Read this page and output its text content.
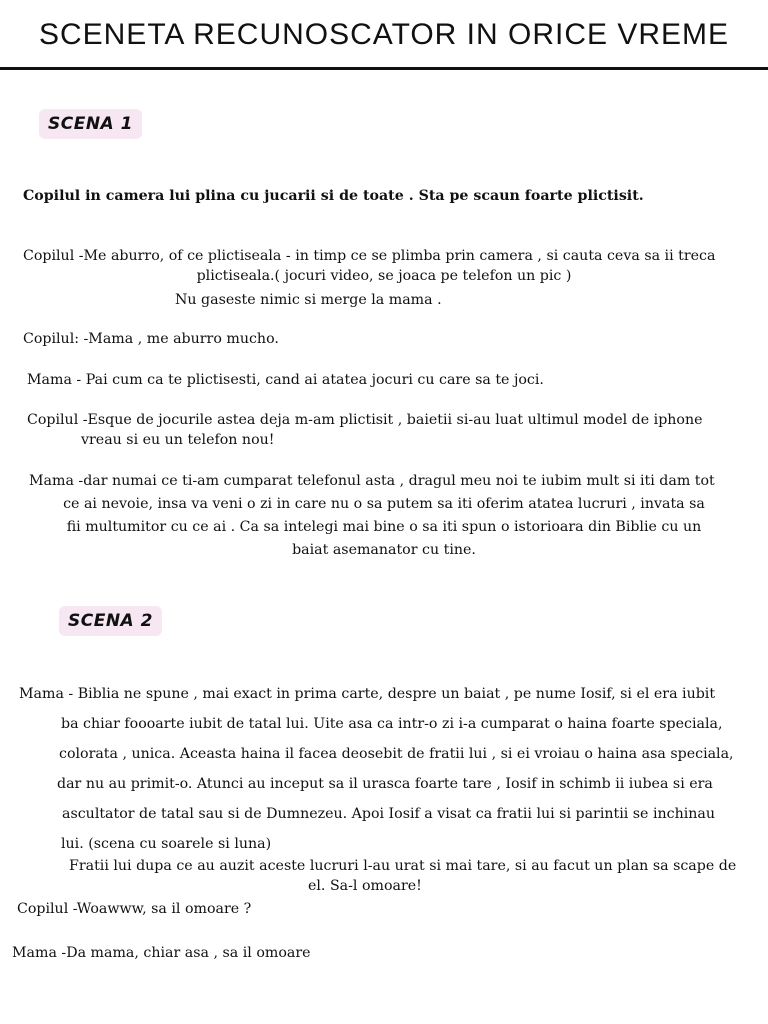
SCENETA RECUNOSCATOR IN ORICE VREME
SCENA 1

Copilul in camera lui plina cu jucarii si de toate . Sta pe scaun foarte plictisit.

Copilul -Me aburro, of ce plictiseala - in timp ce se plimba prin camera , si cauta ceva sa ii treca

plictiseala.( jocuri video, se joaca pe telefon un pic )

Nu gaseste nimic si merge la mama .

Copilul: -Mama , me aburro mucho.

Mama - Pai cum ca te plictisesti, cand ai atatea jocuri cu care sa te joci.

Copilul -Esque de jocurile astea deja m-am plictisit , baietii si-au luat ultimul model de iphone

vreau si eu un telefon nou!

Mama -dar numai ce ti-am cumparat telefonul asta , dragul meu noi te iubim mult si iti dam tot

ce ai nevoie, insa va veni o zi in care nu o sa putem sa iti oferim atatea lucruri , invata sa

fii multumitor cu ce ai . Ca sa intelegi mai bine o sa iti spun o istorioara din Biblie cu un

baiat asemanator cu tine.

SCENA 2

Mama - Biblia ne spune , mai exact in prima carte, despre un baiat , pe nume Iosif, si el era iubit

ba chiar foooarte iubit de tatal lui. Uite asa ca intr-o zi i-a cumparat o haina foarte speciala,

colorata , unica. Aceasta haina il facea deosebit de fratii lui , si ei vroiau o haina asa speciala,

dar nu au primit-o. Atunci au inceput sa il urasca foarte tare , Iosif in schimb ii iubea si era

ascultator de tatal sau si de Dumnezeu. Apoi Iosif a visat ca fratii lui si parintii se inchinau

lui. (scena cu soarele si luna)

Fratii lui dupa ce au auzit aceste lucruri l-au urat si mai tare, si au facut un plan sa scape de

el. Sa-l omoare!

Copilul -Woawww, sa il omoare ?

Mama -Da mama, chiar asa , sa il omoare
